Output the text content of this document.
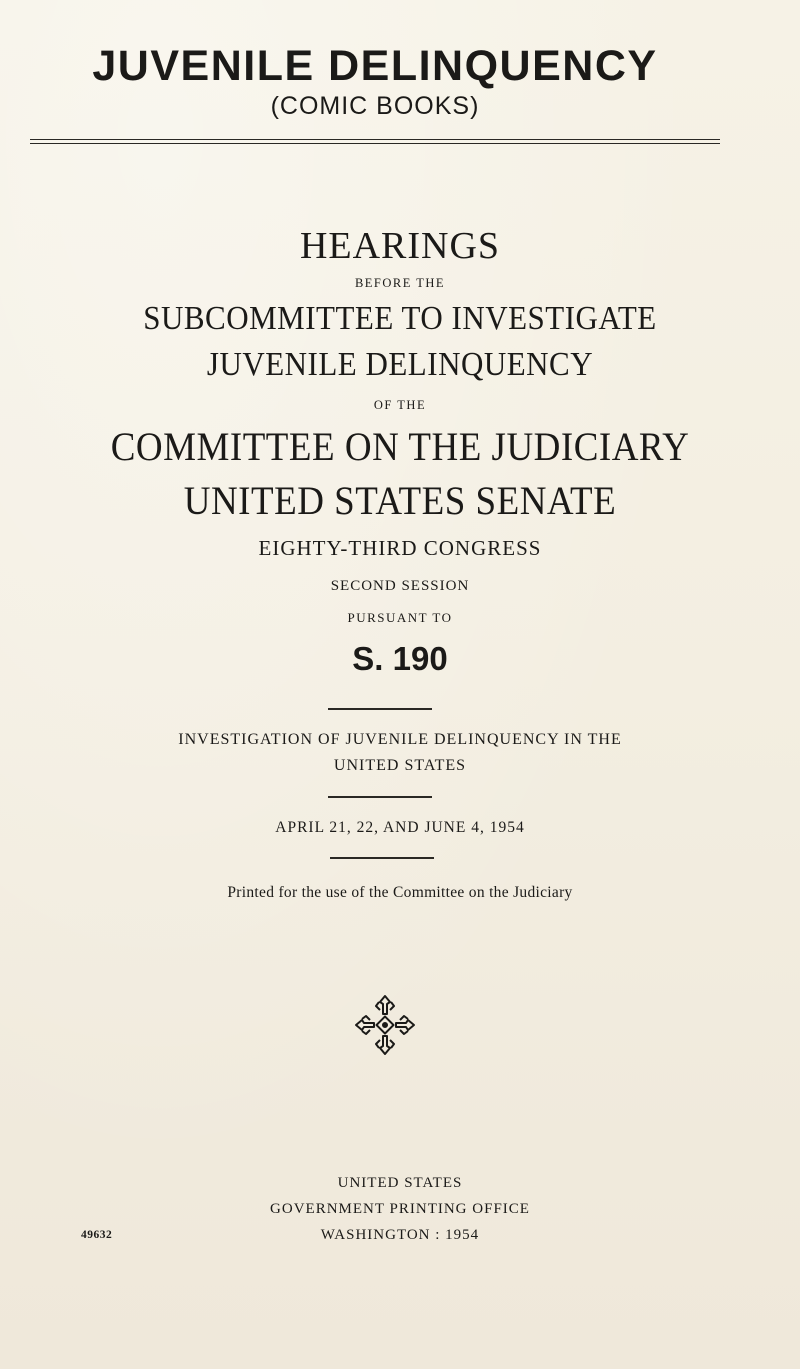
JUVENILE DELINQUENCY
(COMIC BOOKS)
HEARINGS
BEFORE THE
SUBCOMMITTEE TO INVESTIGATE
JUVENILE DELINQUENCY
OF THE
COMMITTEE ON THE JUDICIARY
UNITED STATES SENATE
EIGHTY-THIRD CONGRESS
SECOND SESSION
PURSUANT TO
S. 190
INVESTIGATION OF JUVENILE DELINQUENCY IN THE
UNITED STATES
APRIL 21, 22, AND JUNE 4, 1954
Printed for the use of the Committee on the Judiciary
UNITED STATES
GOVERNMENT PRINTING OFFICE
WASHINGTON : 1954
49632
